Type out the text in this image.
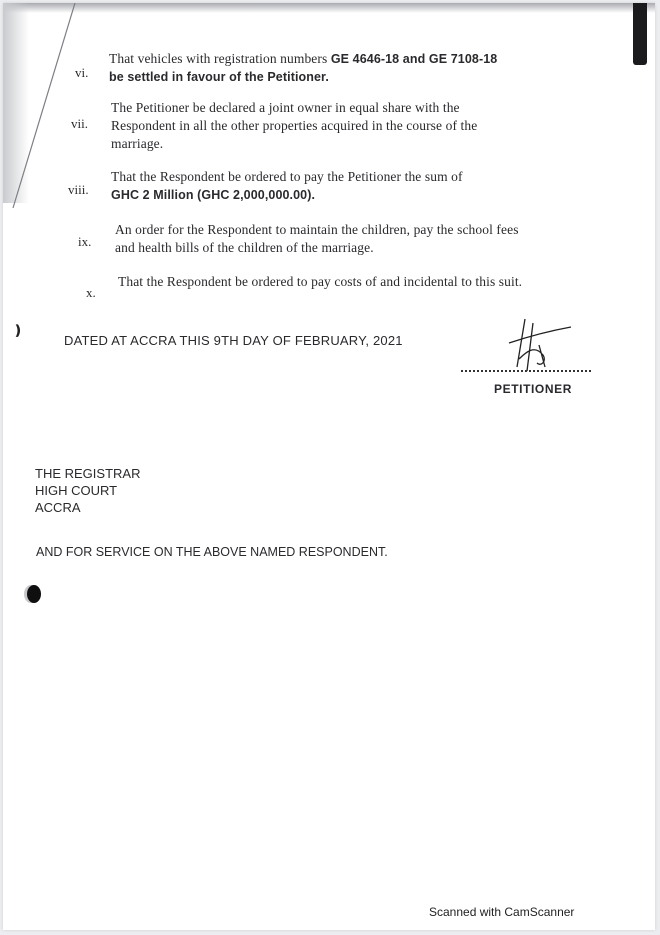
❫
vi.
That vehicles with registration numbers GE 4646-18 and GE 7108-18
be settled in favour of the Petitioner.
vii.
The Petitioner be declared a joint owner in equal share with the
Respondent in all the other properties acquired in the course of the
marriage.
viii.
That the Respondent be ordered to pay the Petitioner the sum of
GHC 2 Million (GHC 2,000,000.00).
ix.
An order for the Respondent to maintain the children, pay the school fees
and health bills of the children of the marriage.
x.
That the Respondent be ordered to pay costs of and incidental to this suit.
DATED AT ACCRA THIS 9TH DAY OF FEBRUARY, 2021
PETITIONER
THE REGISTRAR
HIGH COURT
ACCRA
AND FOR SERVICE ON THE ABOVE NAMED RESPONDENT.
Scanned with CamScanner
